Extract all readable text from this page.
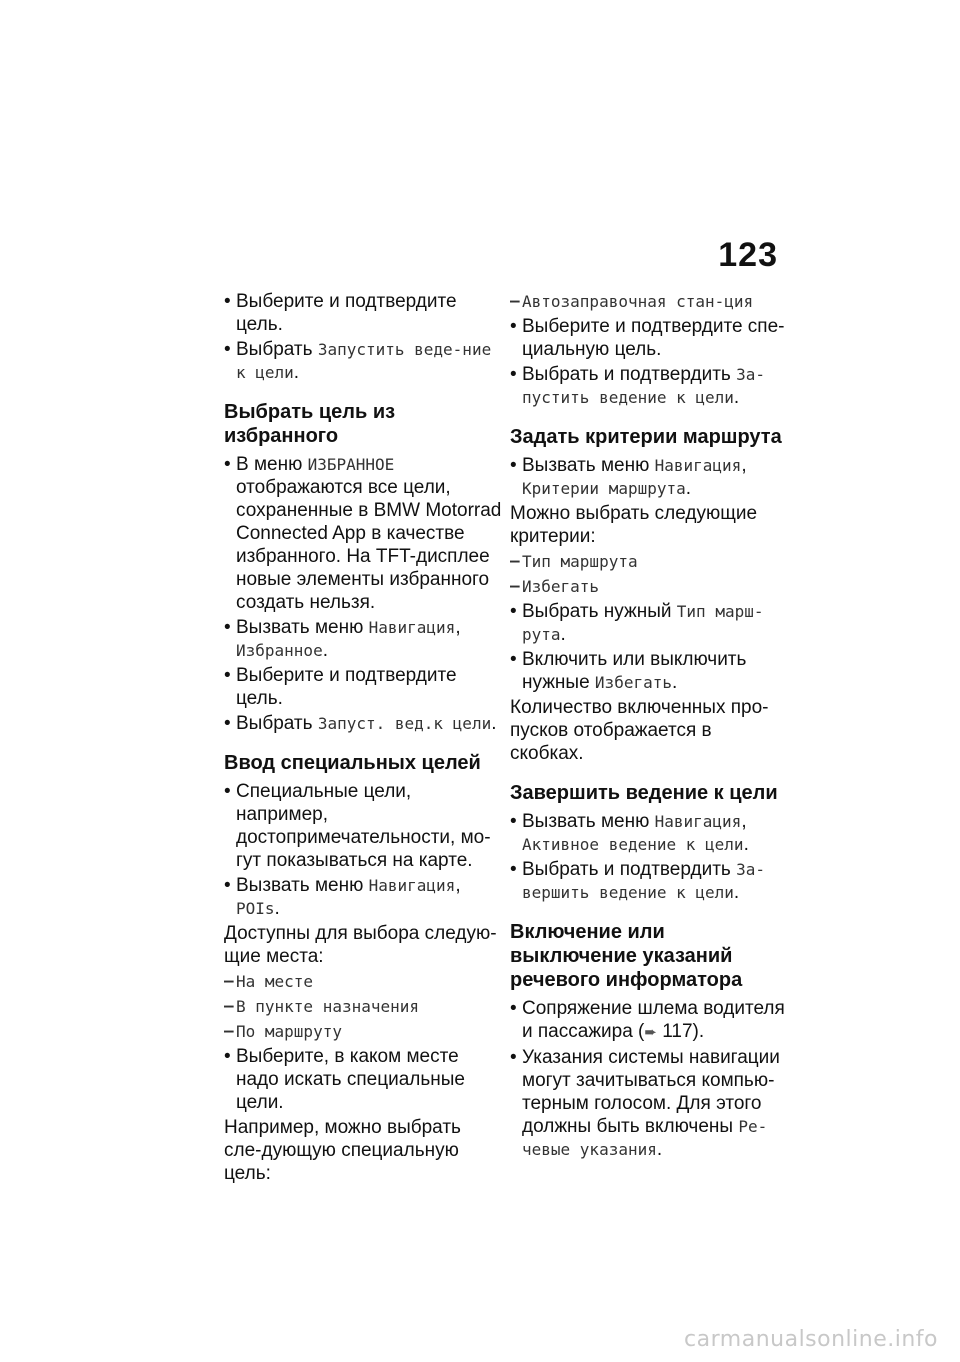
123

• Выберите и подтвердите цель.

• Выбрать Запустить веде-ние к цели.

Выбрать цель из избранного

• В меню ИЗБРАННОЕ отображаются все цели, сохраненные в BMW Motorrad Connected App в качестве избранного. На TFT-дисплее новые элементы избранного создать нельзя.

• Вызвать меню Навигация, Избранное.

• Выберите и подтвердите цель.

• Выбрать Запуст. вед.к цели.

Ввод специальных целей

• Специальные цели, например, достопримечательности, мо-гут показываться на карте.

• Вызвать меню Навигация, POIs.

Доступны для выбора следую-щие места:

– На месте

– В пункте назначения

– По маршруту

• Выберите, в каком месте надо искать специальные цели.

Например, можно выбрать сле-дующую специальную цель:

– Автозаправочная стан-ция

• Выберите и подтвердите спе-циальную цель.

• Выбрать и подтвердить За-пустить ведение к цели.

Задать критерии маршрута

• Вызвать меню Навигация, Критерии маршрута.

Можно выбрать следующие критерии:

– Тип маршрута

– Избегать

• Выбрать нужный Тип марш-рута.

• Включить или выключить нужные Избегать.

Количество включенных про-пусков отображается в скобках.

Завершить ведение к цели

• Вызвать меню Навигация, Активное ведение к цели.

• Выбрать и подтвердить За-вершить ведение к цели.

Включение или выключение указаний речевого информатора

• Сопряжение шлема водителя и пассажира (➨ 117).

• Указания системы навигации могут зачитываться компью-терным голосом. Для этого должны быть включены Ре-чевые указания.

carmanualsonline.info
